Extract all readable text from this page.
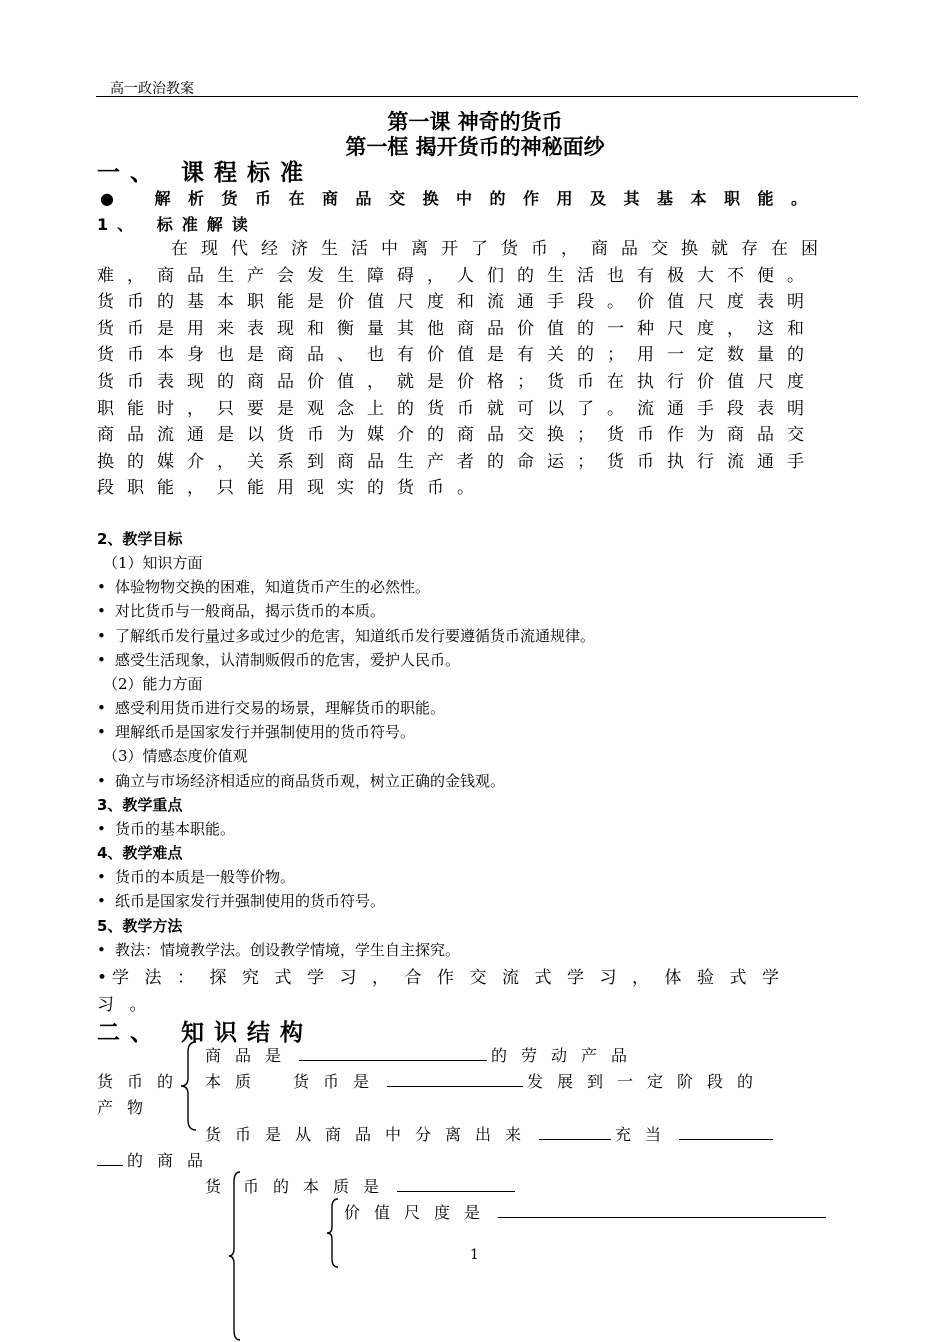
高一政治教案
第一课 神奇的货币
第一框 揭开货币的神秘面纱
一、 课程标准
● 解析货币在商品交换中的作用及其基本职能。
1、 标准解读
在现代经济生活中离开了货币，商品交换就存在困难，商品生产会发生障碍，人们的生活也有极大不便。货币的基本职能是价值尺度和流通手段。价值尺度表明货币是用来表现和衡量其他商品价值的一种尺度，这和货币本身也是商品、也有价值是有关的；用一定数量的货币表现的商品价值，就是价格；货币在执行价值尺度职能时，只要是观念上的货币就可以了。流通手段表明商品流通是以货币为媒介的商品交换；货币作为商品交换的媒介，关系到商品生产者的命运；货币执行流通手段职能，只能用现实的货币。
2、教学目标
（1）知识方面
• 体验物物交换的困难，知道货币产生的必然性。
• 对比货币与一般商品，揭示货币的本质。
• 了解纸币发行量过多或过少的危害，知道纸币发行要遵循货币流通规律。
• 感受生活现象，认清制贩假币的危害，爱护人民币。
（2）能力方面
• 感受利用货币进行交易的场景，理解货币的职能。
• 理解纸币是国家发行并强制使用的货币符号。
（3）情感态度价值观
• 确立与市场经济相适应的商品货币观，树立正确的金钱观。
3、教学重点
• 货币的基本职能。
4、教学难点
• 货币的本质是一般等价物。
• 纸币是国家发行并强制使用的货币符号。
5、教学方法
• 教法：情境教学法。创设教学情境，学生自主探究。
• 学法：探究式学习，合作交流式学习，体验式学
习。
二、 知识结构
商品是	的劳动产品
货币的 本质 货币是	发展到一定阶段的
产物
货币是从商品中分离出来	充当
的商品
货 币的本质是
价值尺度是
1
